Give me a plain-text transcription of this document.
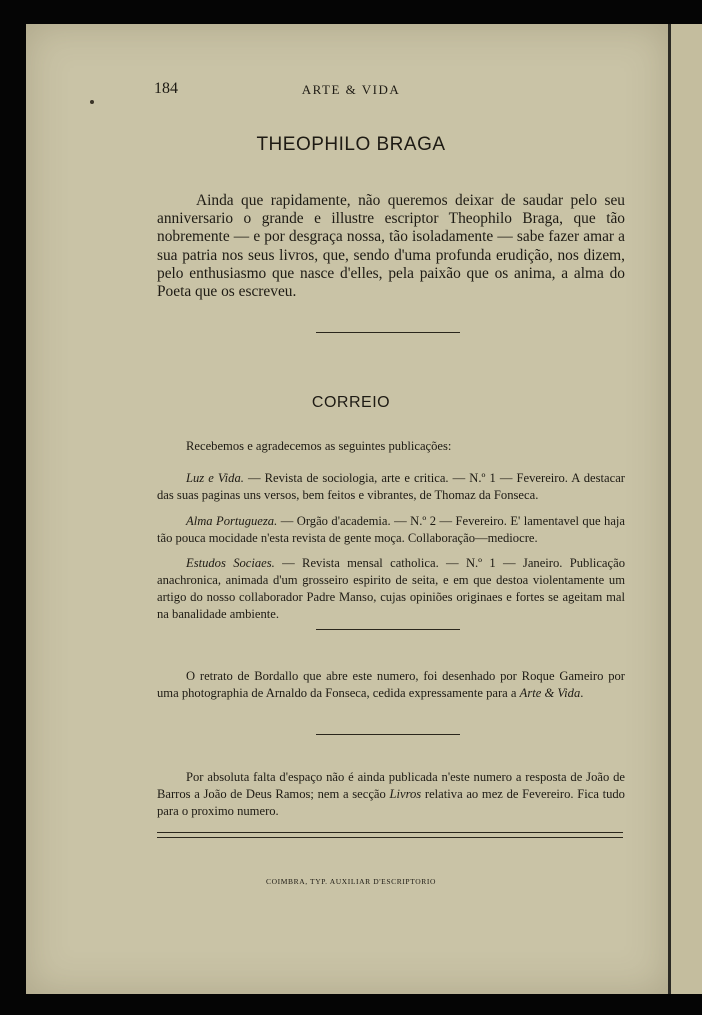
184	ARTE & VIDA
THEOPHILO BRAGA

Ainda que rapidamente, não queremos deixar de saudar pelo seu anniversario o grande e illustre escriptor Theophilo Braga, que tão nobremente — e por desgraça nossa, tão isoladamente — sabe fazer amar a sua patria nos seus livros, que, sendo d'uma profunda erudição, nos dizem, pelo enthusiasmo que nasce d'elles, pela paixão que os anima, a alma do Poeta que os escreveu.

CORREIO

Recebemos e agradecemos as seguintes publicações:

Luz e Vida. — Revista de sociologia, arte e critica. — N.º 1 — Fevereiro. A destacar das suas paginas uns versos, bem feitos e vibrantes, de Thomaz da Fonseca.

Alma Portugueza. — Orgão d'academia. — N.º 2 — Fevereiro. E' lamentavel que haja tão pouca mocidade n'esta revista de gente moça. Collaboração—mediocre.

Estudos Sociaes. — Revista mensal catholica. — N.º 1 — Janeiro. Publicação anachronica, animada d'um grosseiro espirito de seita, e em que destoa violentamente um artigo do nosso collaborador Padre Manso, cujas opiniões originaes e fortes se ageitam mal na banalidade ambiente.

O retrato de Bordallo que abre este numero, foi desenhado por Roque Gameiro por uma photographia de Arnaldo da Fonseca, cedida expressamente para a Arte & Vida.

Por absoluta falta d'espaço não é ainda publicada n'este numero a resposta de João de Barros a João de Deus Ramos; nem a secção Livros relativa ao mez de Fevereiro. Fica tudo para o proximo numero.

COIMBRA, TYP. AUXILIAR D'ESCRIPTORIO
